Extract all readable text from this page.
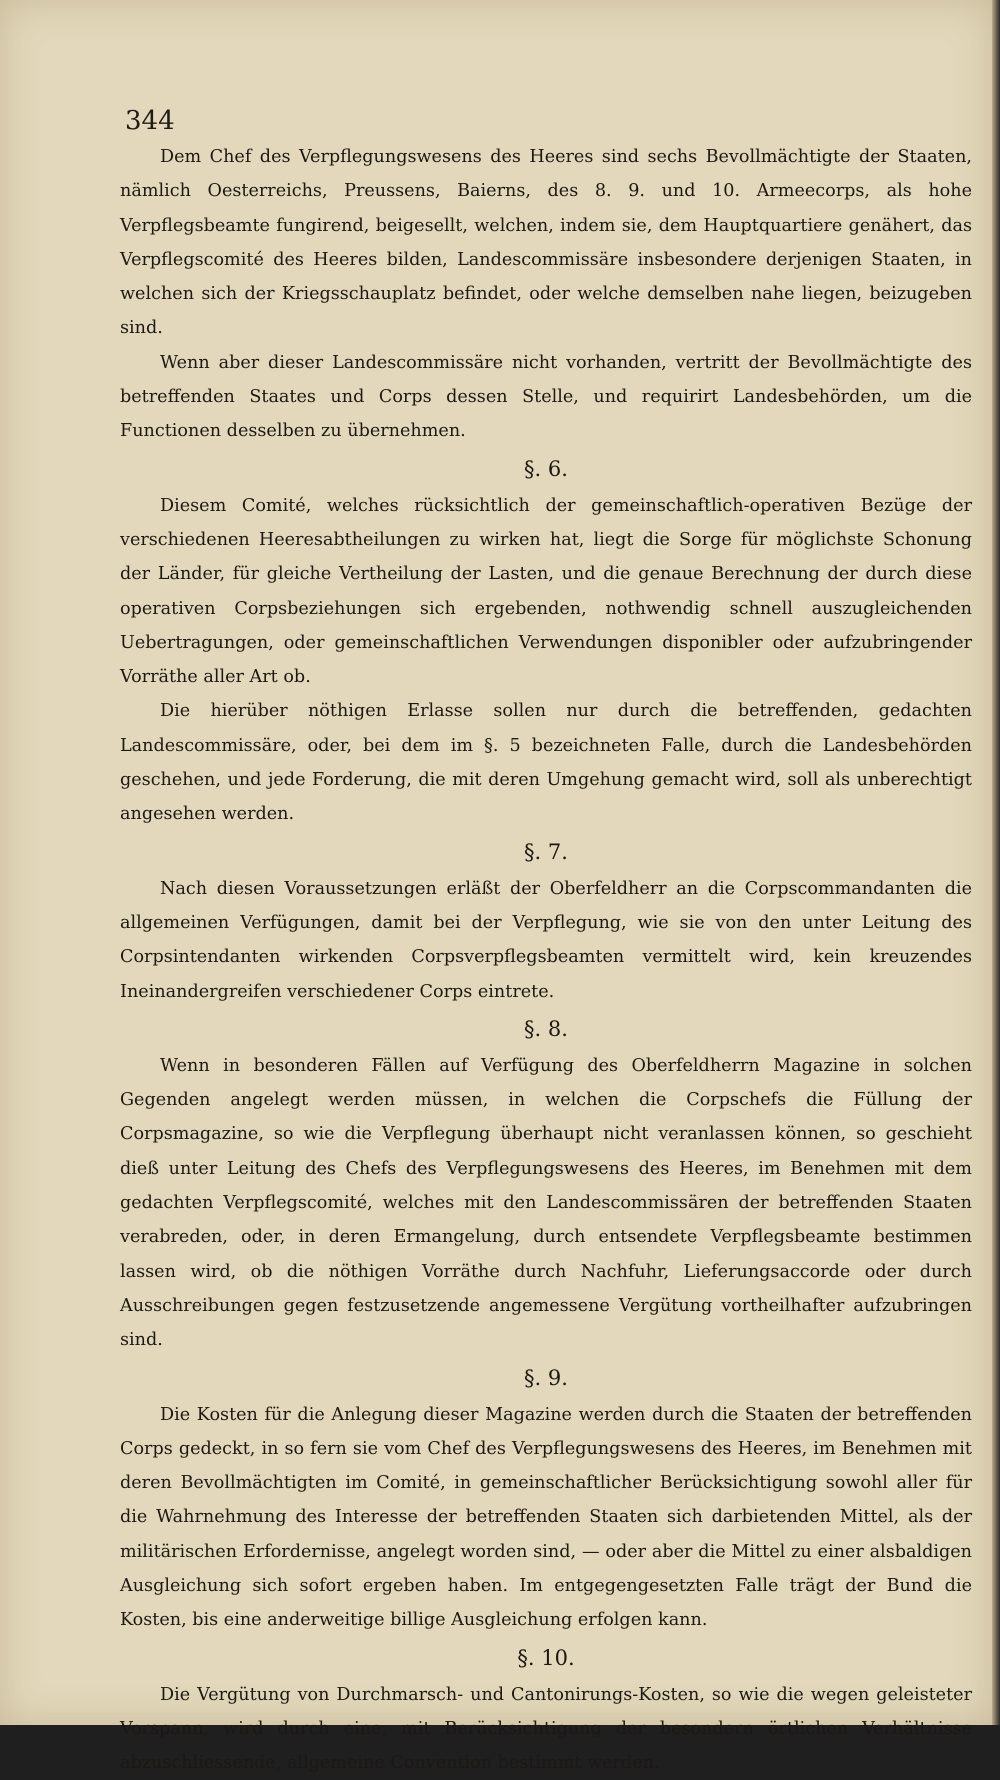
344

Dem Chef des Verpflegungswesens des Heeres sind sechs Bevollmächtigte der Staaten, nämlich Oesterreichs, Preussens, Baierns, des 8. 9. und 10. Armeecorps, als hohe Verpflegsbeamte fungirend, beigesellt, welchen, indem sie, dem Hauptquartiere genähert, das Verpflegscomité des Heeres bilden, Landescommissäre insbesondere derjenigen Staaten, in welchen sich der Kriegsschauplatz befindet, oder welche demselben nahe liegen, beizugeben sind.

Wenn aber dieser Landescommissäre nicht vorhanden, vertritt der Bevollmächtigte des betreffenden Staates und Corps dessen Stelle, und requirirt Landesbehörden, um die Functionen desselben zu übernehmen.

§. 6.

Diesem Comité, welches rücksichtlich der gemeinschaftlich-operativen Bezüge der verschiedenen Heeresabtheilungen zu wirken hat, liegt die Sorge für möglichste Schonung der Länder, für gleiche Vertheilung der Lasten, und die genaue Berechnung der durch diese operativen Corpsbeziehungen sich ergebenden, nothwendig schnell auszugleichenden Uebertragungen, oder gemeinschaftlichen Verwendungen disponibler oder aufzubringender Vorräthe aller Art ob.

Die hierüber nöthigen Erlasse sollen nur durch die betreffenden, gedachten Landescommissäre, oder, bei dem im §. 5 bezeichneten Falle, durch die Landesbehörden geschehen, und jede Forderung, die mit deren Umgehung gemacht wird, soll als unberechtigt angesehen werden.

§. 7.

Nach diesen Voraussetzungen erläßt der Oberfeldherr an die Corpscommandanten die allgemeinen Verfügungen, damit bei der Verpflegung, wie sie von den unter Leitung des Corpsintendanten wirkenden Corpsverpflegsbeamten vermittelt wird, kein kreuzendes Ineinandergreifen verschiedener Corps eintrete.

§. 8.

Wenn in besonderen Fällen auf Verfügung des Oberfeldherrn Magazine in solchen Gegenden angelegt werden müssen, in welchen die Corpschefs die Füllung der Corpsmagazine, so wie die Verpflegung überhaupt nicht veranlassen können, so geschieht dieß unter Leitung des Chefs des Verpflegungswesens des Heeres, im Benehmen mit dem gedachten Verpflegscomité, welches mit den Landescommissären der betreffenden Staaten verabreden, oder, in deren Ermangelung, durch entsendete Verpflegsbeamte bestimmen lassen wird, ob die nöthigen Vorräthe durch Nachfuhr, Lieferungsaccorde oder durch Ausschreibungen gegen festzusetzende angemessene Vergütung vortheilhafter aufzubringen sind.

§. 9.

Die Kosten für die Anlegung dieser Magazine werden durch die Staaten der betreffenden Corps gedeckt, in so fern sie vom Chef des Verpflegungswesens des Heeres, im Benehmen mit deren Bevollmächtigten im Comité, in gemeinschaftlicher Berücksichtigung sowohl aller für die Wahrnehmung des Interesse der betreffenden Staaten sich darbietenden Mittel, als der militärischen Erfordernisse, angelegt worden sind, — oder aber die Mittel zu einer alsbaldigen Ausgleichung sich sofort ergeben haben. Im entgegengesetzten Falle trägt der Bund die Kosten, bis eine anderweitige billige Ausgleichung erfolgen kann.

§. 10.

Die Vergütung von Durchmarsch- und Cantonirungs-Kosten, so wie die wegen geleisteter Vorspann, wird durch eine, mit Berücksichtigung der besondern örtlichen Verhältnisse abzuschliessende, allgemeine Convention bestimmt werden.
